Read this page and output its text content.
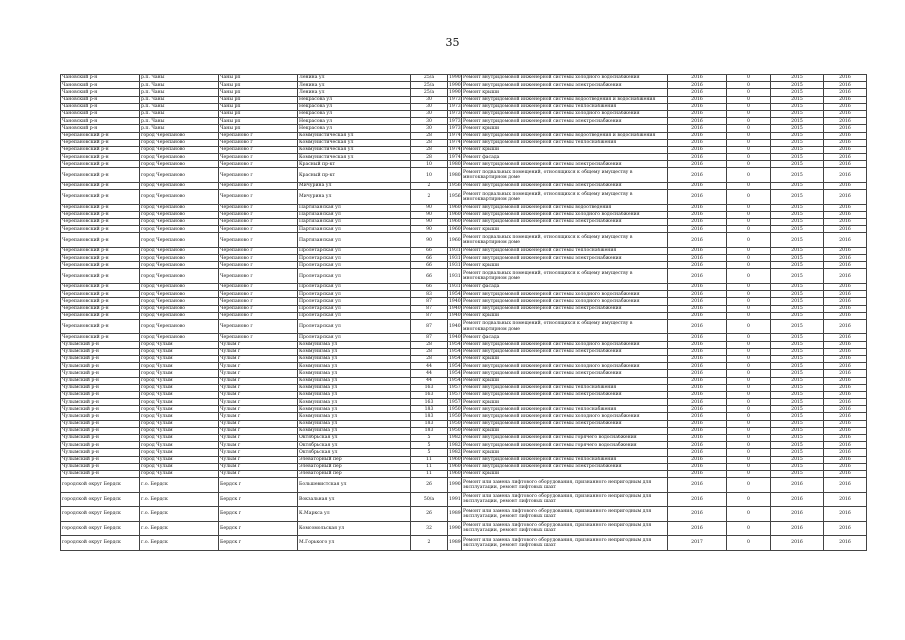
35
Чановский р-н	р.п. Чаны	Чаны рп	Ленина ул	25/а	1990	Ремонт внутридомовой инженерной системы холодного водоснабжения	2016	0	2015	2016
Чановский р-н	р.п. Чаны	Чаны рп	Ленина ул	25/а	1990	Ремонт внутридомовой инженерной системы электроснабжения	2016	0	2015	2016
Чановский р-н	р.п. Чаны	Чаны рп	Ленина ул	25/а	1990	Ремонт крыши	2016	0	2015	2016
Чановский р-н	р.п. Чаны	Чаны рп	Некрасова ул	30	1973	Ремонт внутридомовой инженерной системы водоотведения и водоснабжения	2016	0	2015	2016
Чановский р-н	р.п. Чаны	Чаны рп	Некрасова ул	30	1973	Ремонт внутридомовой инженерной системы теплоснабжения	2016	0	2015	2016
Чановский р-н	р.п. Чаны	Чаны рп	Некрасова ул	30	1973	Ремонт внутридомовой инженерной системы холодного водоснабжения	2016	0	2015	2016
Чановский р-н	р.п. Чаны	Чаны рп	Некрасова ул	30	1973	Ремонт внутридомовой инженерной системы электроснабжения	2016	0	2015	2016
Чановский р-н	р.п. Чаны	Чаны рп	Некрасова ул	30	1973	Ремонт крыши	2016	0	2015	2016
Черепановский р-н	город Черепаново	Черепаново г	Коммунистическая ул	28	1974	Ремонт внутридомовой инженерной системы водоотведения и водоснабжения	2016	0	2015	2016
Черепановский р-н	город Черепаново	Черепаново г	Коммунистическая ул	28	1974	Ремонт внутридомовой инженерной системы теплоснабжения	2016	0	2015	2016
Черепановский р-н	город Черепаново	Черепаново г	Коммунистическая ул	28	1974	Ремонт крыши	2016	0	2015	2016
Черепановский р-н	город Черепаново	Черепаново г	Коммунистическая ул	28	1974	Ремонт фасада	2016	0	2015	2016
Черепановский р-н	город Черепаново	Черепаново г	Красный пр-кт	10	1980	Ремонт внутридомовой инженерной системы электроснабжения	2016	0	2015	2016
Черепановский р-н	город Черепаново	Черепаново г	Красный пр-кт	10	1980	Ремонт подвальных помещений, относящихся к общему имуществу в многоквартирном доме	2016	0	2015	2016
Черепановский р-н	город Черепаново	Черепаново г	Мичурина ул	2	1956	Ремонт внутридомовой инженерной системы электроснабжения	2016	0	2015	2016
Черепановский р-н	город Черепаново	Черепаново г	Мичурина ул	2	1956	Ремонт подвальных помещений, относящихся к общему имуществу в многоквартирном доме	2016	0	2015	2016
Черепановский р-н	город Черепаново	Черепаново г	Партизанская ул	90	1960	Ремонт внутридомовой инженерной системы водоотведения	2016	0	2015	2016
Черепановский р-н	город Черепаново	Черепаново г	Партизанская ул	90	1960	Ремонт внутридомовой инженерной системы холодного водоснабжения	2016	0	2015	2016
Черепановский р-н	город Черепаново	Черепаново г	Партизанская ул	90	1960	Ремонт внутридомовой инженерной системы электроснабжения	2016	0	2015	2016
Черепановский р-н	город Черепаново	Черепаново г	Партизанская ул	90	1960	Ремонт крыши	2016	0	2015	2016
Черепановский р-н	город Черепаново	Черепаново г	Партизанская ул	90	1960	Ремонт подвальных помещений, относящихся к общему имуществу в многоквартирном доме	2016	0	2015	2016
Черепановский р-н	город Черепаново	Черепаново г	Пролетарская ул	66	1931	Ремонт внутридомовой инженерной системы теплоснабжения	2016	0	2015	2016
Черепановский р-н	город Черепаново	Черепаново г	Пролетарская ул	66	1931	Ремонт внутридомовой инженерной системы электроснабжения	2016	0	2015	2016
Черепановский р-н	город Черепаново	Черепаново г	Пролетарская ул	66	1931	Ремонт крыши	2016	0	2015	2016
Черепановский р-н	город Черепаново	Черепаново г	Пролетарская ул	66	1931	Ремонт подвальных помещений, относящихся к общему имуществу в многоквартирном доме	2016	0	2015	2016
Черепановский р-н	город Черепаново	Черепаново г	Пролетарская ул	66	1931	Ремонт фасада	2016	0	2015	2016
Черепановский р-н	город Черепаново	Черепаново г	Пролетарская ул	83	1954	Ремонт внутридомовой инженерной системы холодного водоснабжения	2016	0	2015	2016
Черепановский р-н	город Черепаново	Черепаново г	Пролетарская ул	87	1940	Ремонт внутридомовой инженерной системы холодного водоснабжения	2016	0	2015	2016
Черепановский р-н	город Черепаново	Черепаново г	Пролетарская ул	87	1940	Ремонт внутридомовой инженерной системы электроснабжения	2016	0	2015	2016
Черепановский р-н	город Черепаново	Черепаново г	Пролетарская ул	87	1940	Ремонт крыши	2016	0	2015	2016
Черепановский р-н	город Черепаново	Черепаново г	Пролетарская ул	87	1940	Ремонт подвальных помещений, относящихся к общему имуществу в многоквартирном доме	2016	0	2015	2016
Черепановский р-н	город Черепаново	Черепаново г	Пролетарская ул	87	1940	Ремонт фасада	2016	0	2015	2016
Чулымский р-н	город Чулым	Чулым г	Коммунизма ул	28	1954	Ремонт внутридомовой инженерной системы холодного водоснабжения	2016	0	2015	2016
Чулымский р-н	город Чулым	Чулым г	Коммунизма ул	28	1954	Ремонт внутридомовой инженерной системы электроснабжения	2016	0	2015	2016
Чулымский р-н	город Чулым	Чулым г	Коммунизма ул	28	1954	Ремонт крыши	2016	0	2015	2016
Чулымский р-н	город Чулым	Чулым г	Коммунизма ул	44	1954	Ремонт внутридомовой инженерной системы холодного водоснабжения	2016	0	2015	2016
Чулымский р-н	город Чулым	Чулым г	Коммунизма ул	44	1954	Ремонт внутридомовой инженерной системы электроснабжения	2016	0	2015	2016
Чулымский р-н	город Чулым	Чулым г	Коммунизма ул	44	1954	Ремонт крыши	2016	0	2015	2016
Чулымский р-н	город Чулым	Чулым г	Коммунизма ул	163	1957	Ремонт внутридомовой инженерной системы теплоснабжения	2016	0	2015	2016
Чулымский р-н	город Чулым	Чулым г	Коммунизма ул	163	1957	Ремонт внутридомовой инженерной системы электроснабжения	2016	0	2015	2016
Чулымский р-н	город Чулым	Чулым г	Коммунизма ул	163	1957	Ремонт крыши	2016	0	2015	2016
Чулымский р-н	город Чулым	Чулым г	Коммунизма ул	183	1950	Ремонт внутридомовой инженерной системы теплоснабжения	2016	0	2015	2016
Чулымский р-н	город Чулым	Чулым г	Коммунизма ул	183	1950	Ремонт внутридомовой инженерной системы холодного водоснабжения	2016	0	2015	2016
Чулымский р-н	город Чулым	Чулым г	Коммунизма ул	183	1950	Ремонт внутридомовой инженерной системы электроснабжения	2016	0	2015	2016
Чулымский р-н	город Чулым	Чулым г	Коммунизма ул	183	1950	Ремонт крыши	2016	0	2015	2016
Чулымский р-н	город Чулым	Чулым г	Октябрьская ул	5	1982	Ремонт внутридомовой инженерной системы горячего водоснабжения	2016	0	2015	2016
Чулымский р-н	город Чулым	Чулым г	Октябрьская ул	5	1982	Ремонт внутридомовой инженерной системы горячего водоснабжения	2016	0	2015	2016
Чулымский р-н	город Чулым	Чулым г	Октябрьская ул	5	1982	Ремонт крыши	2016	0	2015	2016
Чулымский р-н	город Чулым	Чулым г	Элеваторный пер	11	1960	Ремонт внутридомовой инженерной системы теплоснабжения	2016	0	2015	2016
Чулымский р-н	город Чулым	Чулым г	Элеваторный пер	11	1960	Ремонт внутридомовой инженерной системы электроснабжения	2016	0	2015	2016
Чулымский р-н	город Чулым	Чулым г	Элеваторный пер	11	1960	Ремонт крыши	2016	0	2015	2016
городской округ Бердск	г.о. Бердск	Бердск г	Большевистская ул	26	1990	Ремонт или замена лифтового оборудования, признанного непригодным для эксплуатации, ремонт лифтовых шахт	2016	0	2016	2016
городской округ Бердск	г.о. Бердск	Бердск г	Вокзальная ул	50/а	1991	Ремонт или замена лифтового оборудования, признанного непригодным для эксплуатации, ремонт лифтовых шахт	2016	0	2016	2016
городской округ Бердск	г.о. Бердск	Бердск г	К.Маркса ул	26	1989	Ремонт или замена лифтового оборудования, признанного непригодным для эксплуатации, ремонт лифтовых шахт	2016	0	2016	2016
городской округ Бердск	г.о. Бердск	Бердск г	Комсомольская ул	32	1990	Ремонт или замена лифтового оборудования, признанного непригодным для эксплуатации, ремонт лифтовых шахт	2016	0	2016	2016
городской округ Бердск	г.о. Бердск	Бердск г	М.Горького ул	2	1989	Ремонт или замена лифтового оборудования, признанного непригодным для эксплуатации, ремонт лифтовых шахт	2017	0	2016	2016
